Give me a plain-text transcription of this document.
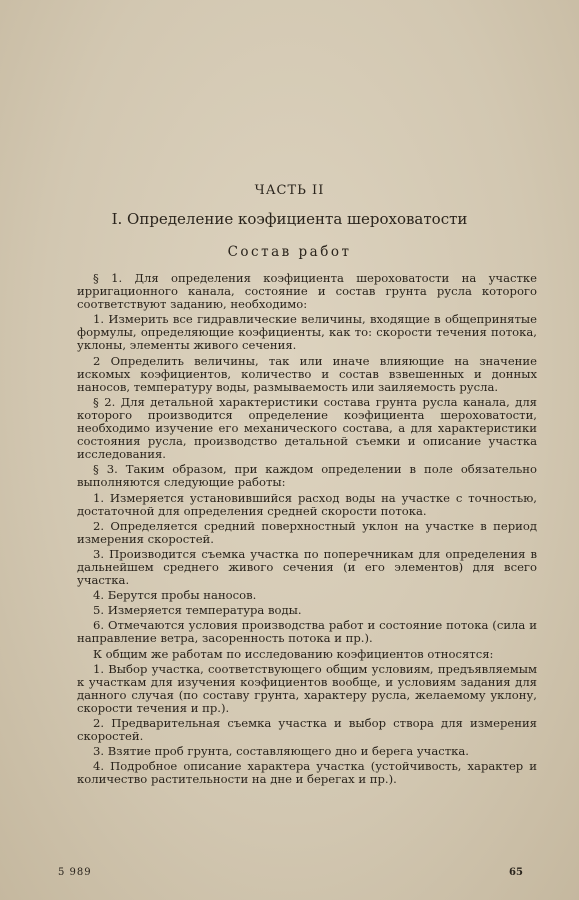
ЧАСТЬ II
I. Определение коэфициента шероховатости
Состав работ

§ 1. Для определения коэфициента шероховатости на участке ирригационного канала, состояние и состав грунта русла которого соответствуют заданию, необходимо:

1. Измерить все гидравлические величины, входящие в общепринятые формулы, определяющие коэфициенты, как то: скорости течения потока, уклоны, элементы живого сечения.

2 Определить величины, так или иначе влияющие на значение искомых коэфициентов, количество и состав взвешенных и донных наносов, температуру воды, размываемость или заиляемость русла.

§ 2. Для детальной характеристики состава грунта русла канала, для которого производится определение коэфициента шероховатости, необходимо изучение его механического состава, а для характеристики состояния русла, производство детальной съемки и описание участка исследования.

§ 3. Таким образом, при каждом определении в поле обязательно выполняются следующие работы:

1. Измеряется установившийся расход воды на участке с точностью, достаточной для определения средней скорости потока.

2. Определяется средний поверхностный уклон на участке в период измерения скоростей.

3. Производится съемка участка по поперечникам для определения в дальнейшем среднего живого сечения (и его элементов) для всего участка.

4. Берутся пробы наносов.

5. Измеряется температура воды.

6. Отмечаются условия производства работ и состояние потока (сила и направление ветра, засоренность потока и пр.).

К общим же работам по исследованию коэфициентов относятся:

1. Выбор участка, соответствующего общим условиям, предъявляемым к участкам для изучения коэфициентов вообще, и условиям задания для данного случая (по составу грунта, характеру русла, желаемому уклону, скорости течения и пр.).

2. Предварительная съемка участка и выбор створа для измерения скоростей.

3. Взятие проб грунта, составляющего дно и берега участка.

4. Подробное описание характера участка (устойчивость, характер и количество растительности на дне и берегах и пр.).

5 989	65
